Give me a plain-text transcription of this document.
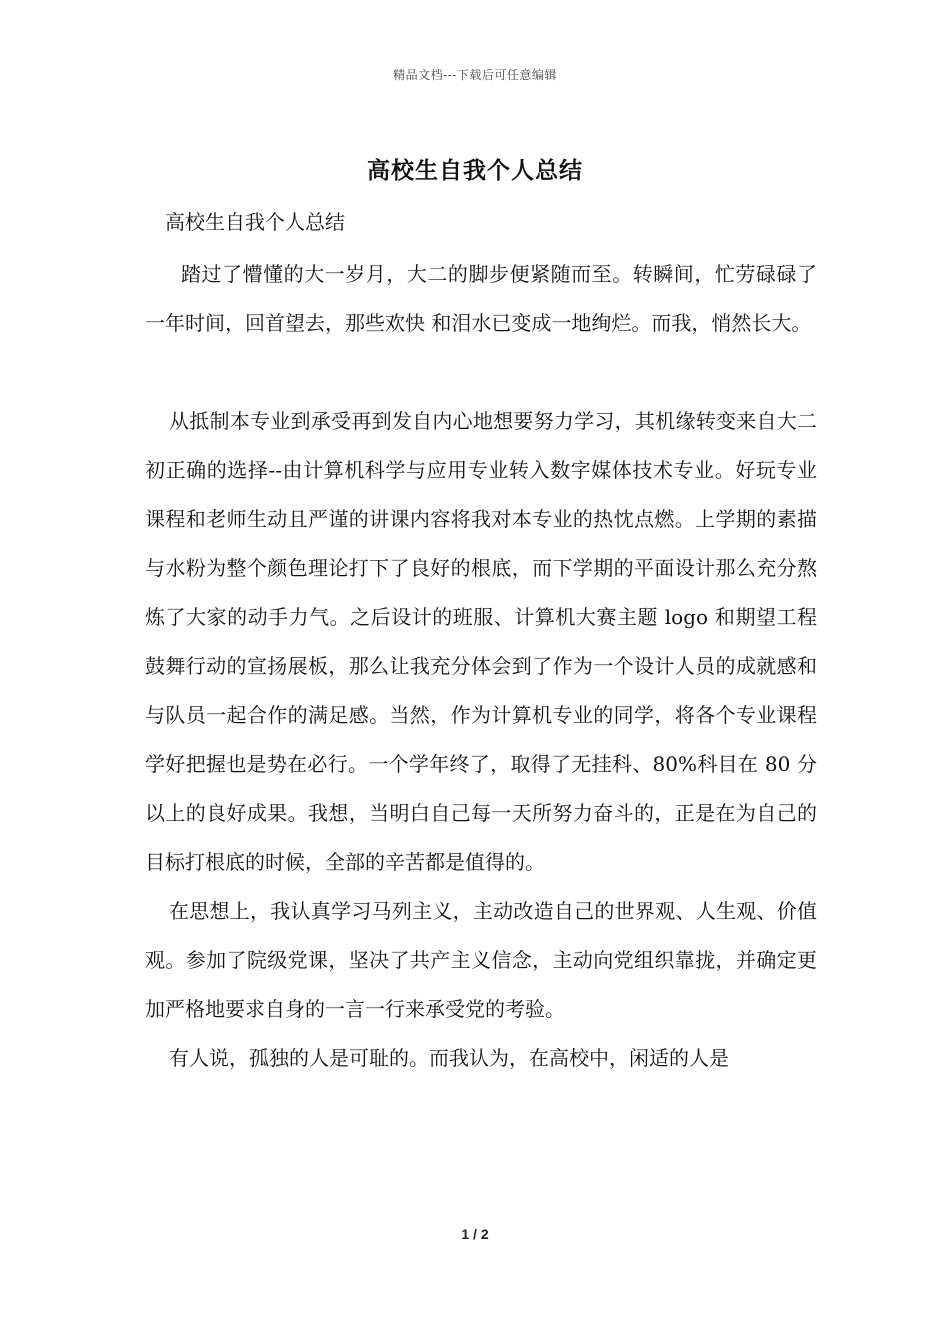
精品文档---下载后可任意编辑
高校生自我个人总结

高校生自我个人总结

踏过了懵懂的大一岁月，大二的脚步便紧随而至。转瞬间，忙劳碌碌了一年时间，回首望去，那些欢快 和泪水已变成一地绚烂。而我，悄然长大。

从抵制本专业到承受再到发自内心地想要努力学习，其机缘转变来自大二初正确的选择--由计算机科学与应用专业转入数字媒体技术专业。好玩专业课程和老师生动且严谨的讲课内容将我对本专业的热忱点燃。上学期的素描与水粉为整个颜色理论打下了良好的根底，而下学期的平面设计那么充分熬炼了大家的动手力气。之后设计的班服、计算机大赛主题 logo 和期望工程鼓舞行动的宣扬展板，那么让我充分体会到了作为一个设计人员的成就感和与队员一起合作的满足感。当然，作为计算机专业的同学，将各个专业课程学好把握也是势在必行。一个学年终了，取得了无挂科、80%科目在 80 分以上的良好成果。我想，当明白自己每一天所努力奋斗的，正是在为自己的目标打根底的时候，全部的辛苦都是值得的。

在思想上，我认真学习马列主义，主动改造自己的世界观、人生观、价值观。参加了院级党课，坚决了共产主义信念，主动向党组织靠拢，并确定更加严格地要求自身的一言一行来承受党的考验。

有人说，孤独的人是可耻的。而我认为，在高校中，闲适的人是

1 / 2
